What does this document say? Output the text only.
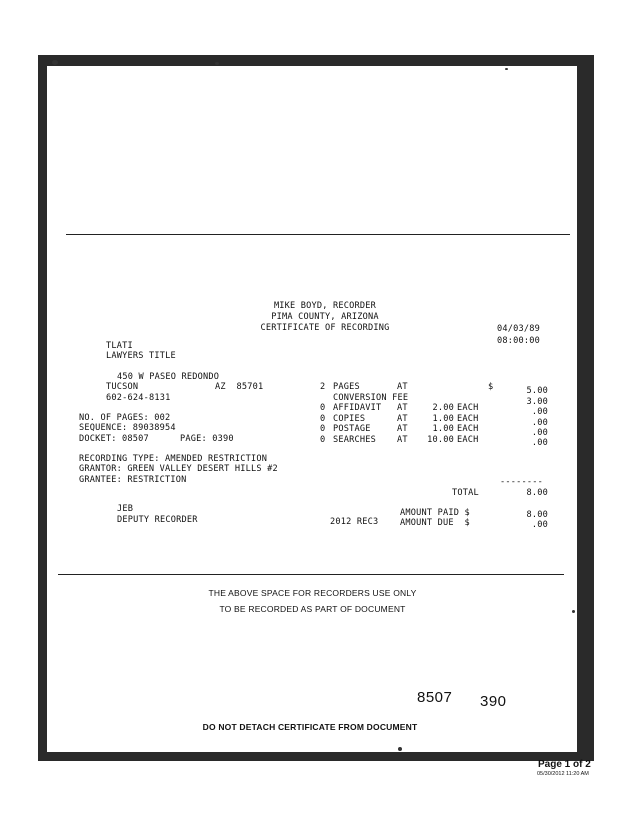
MIKE BOYD, RECORDER
PIMA COUNTY, ARIZONA
CERTIFICATE OF RECORDING	04/03/89
08:00:00
TLATI
LAWYERS TITLE
450 W PASEO REDONDO
TUCSON	AZ  85701
602-624-8131
NO. OF PAGES: 002
SEQUENCE: 89038954
DOCKET: 08507	PAGE: 0390
2 PAGES	AT	$	5.00
CONVERSION FEE	3.00
0 AFFIDAVIT AT	2.00 EACH	.00
0 COPIES	AT	1.00 EACH	.00
0 POSTAGE	AT	1.00 EACH	.00
0 SEARCHES AT	10.00 EACH	.00
RECORDING TYPE: AMENDED RESTRICTION
GRANTOR: GREEN VALLEY DESERT HILLS #2
GRANTEE: RESTRICTION	--------
TOTAL	8.00
JEB
DEPUTY RECORDER	2012 REC3
AMOUNT PAID $	8.00
AMOUNT DUE  $	.00
THE ABOVE SPACE FOR RECORDERS USE ONLY
TO BE RECORDED AS PART OF DOCUMENT
8507 390
DO NOT DETACH CERTIFICATE FROM DOCUMENT
Page 1 of 2
05/30/2012 11:20 AM
